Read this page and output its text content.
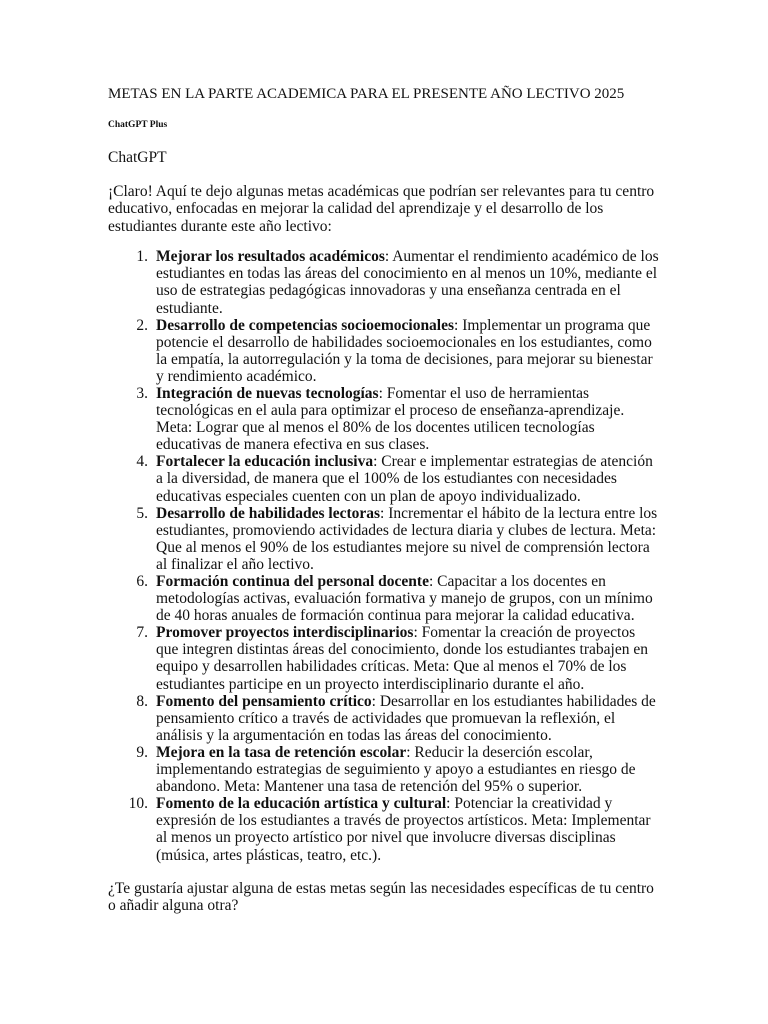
METAS EN LA PARTE ACADEMICA PARA EL PRESENTE AÑO LECTIVO 2025
ChatGPT Plus
ChatGPT

¡Claro! Aquí te dejo algunas metas académicas que podrían ser relevantes para tu centro educativo, enfocadas en mejorar la calidad del aprendizaje y el desarrollo de los estudiantes durante este año lectivo:

1. Mejorar los resultados académicos: Aumentar el rendimiento académico de los estudiantes en todas las áreas del conocimiento en al menos un 10%, mediante el uso de estrategias pedagógicas innovadoras y una enseñanza centrada en el estudiante.
2. Desarrollo de competencias socioemocionales: Implementar un programa que potencie el desarrollo de habilidades socioemocionales en los estudiantes, como la empatía, la autorregulación y la toma de decisiones, para mejorar su bienestar y rendimiento académico.
3. Integración de nuevas tecnologías: Fomentar el uso de herramientas tecnológicas en el aula para optimizar el proceso de enseñanza-aprendizaje. Meta: Lograr que al menos el 80% de los docentes utilicen tecnologías educativas de manera efectiva en sus clases.
4. Fortalecer la educación inclusiva: Crear e implementar estrategias de atención a la diversidad, de manera que el 100% de los estudiantes con necesidades educativas especiales cuenten con un plan de apoyo individualizado.
5. Desarrollo de habilidades lectoras: Incrementar el hábito de la lectura entre los estudiantes, promoviendo actividades de lectura diaria y clubes de lectura. Meta: Que al menos el 90% de los estudiantes mejore su nivel de comprensión lectora al finalizar el año lectivo.
6. Formación continua del personal docente: Capacitar a los docentes en metodologías activas, evaluación formativa y manejo de grupos, con un mínimo de 40 horas anuales de formación continua para mejorar la calidad educativa.
7. Promover proyectos interdisciplinarios: Fomentar la creación de proyectos que integren distintas áreas del conocimiento, donde los estudiantes trabajen en equipo y desarrollen habilidades críticas. Meta: Que al menos el 70% de los estudiantes participe en un proyecto interdisciplinario durante el año.
8. Fomento del pensamiento crítico: Desarrollar en los estudiantes habilidades de pensamiento crítico a través de actividades que promuevan la reflexión, el análisis y la argumentación en todas las áreas del conocimiento.
9. Mejora en la tasa de retención escolar: Reducir la deserción escolar, implementando estrategias de seguimiento y apoyo a estudiantes en riesgo de abandono. Meta: Mantener una tasa de retención del 95% o superior.
10. Fomento de la educación artística y cultural: Potenciar la creatividad y expresión de los estudiantes a través de proyectos artísticos. Meta: Implementar al menos un proyecto artístico por nivel que involucre diversas disciplinas (música, artes plásticas, teatro, etc.).

¿Te gustaría ajustar alguna de estas metas según las necesidades específicas de tu centro o añadir alguna otra?
